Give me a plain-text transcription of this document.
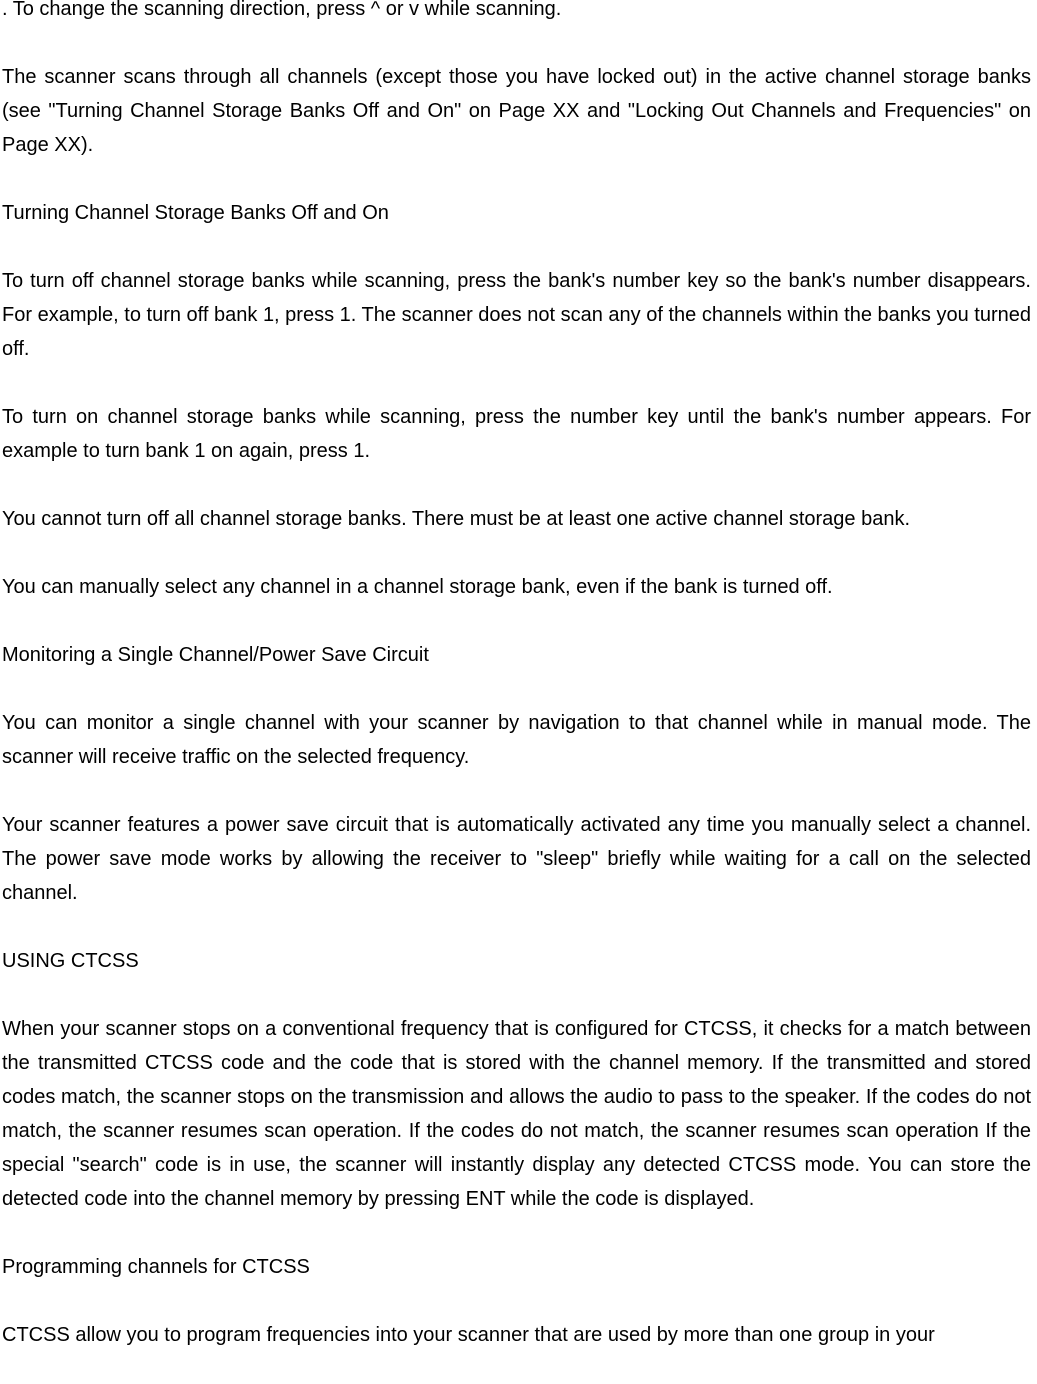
. To change the scanning direction, press ^ or v while scanning.

The scanner scans through all channels (except those you have locked out) in the active channel storage banks (see "Turning Channel Storage Banks Off and On" on Page XX and "Locking Out Channels and Frequencies" on Page XX).

Turning Channel Storage Banks Off and On

To turn off channel storage banks while scanning, press the bank's number key so the bank's number disappears. For example, to turn off bank 1, press 1. The scanner does not scan any of the channels within the banks you turned off.

To turn on channel storage banks while scanning, press the number key until the bank's number appears. For example to turn bank 1 on again, press 1.

You cannot turn off all channel storage banks. There must be at least one active channel storage bank.

You can manually select any channel in a channel storage bank, even if the bank is turned off.

Monitoring a Single Channel/Power Save Circuit

You can monitor a single channel with your scanner by navigation to that channel while in manual mode. The scanner will receive traffic on the selected frequency.

Your scanner features a power save circuit that is automatically activated any time you manually select a channel. The power save mode works by allowing the receiver to "sleep" briefly while waiting for a call on the selected channel.

USING CTCSS

When your scanner stops on a conventional frequency that is configured for CTCSS, it checks for a match between the transmitted CTCSS code and the code that is stored with the channel memory. If the transmitted and stored codes match, the scanner stops on the transmission and allows the audio to pass to the speaker. If the codes do not match, the scanner resumes scan operation. If the codes do not match, the scanner resumes scan operation If the special "search" code is in use, the scanner will instantly display any detected CTCSS mode. You can store the detected code into the channel memory by pressing ENT while the code is displayed.

Programming channels for CTCSS

CTCSS allow you to program frequencies into your scanner that are used by more than one group in your
